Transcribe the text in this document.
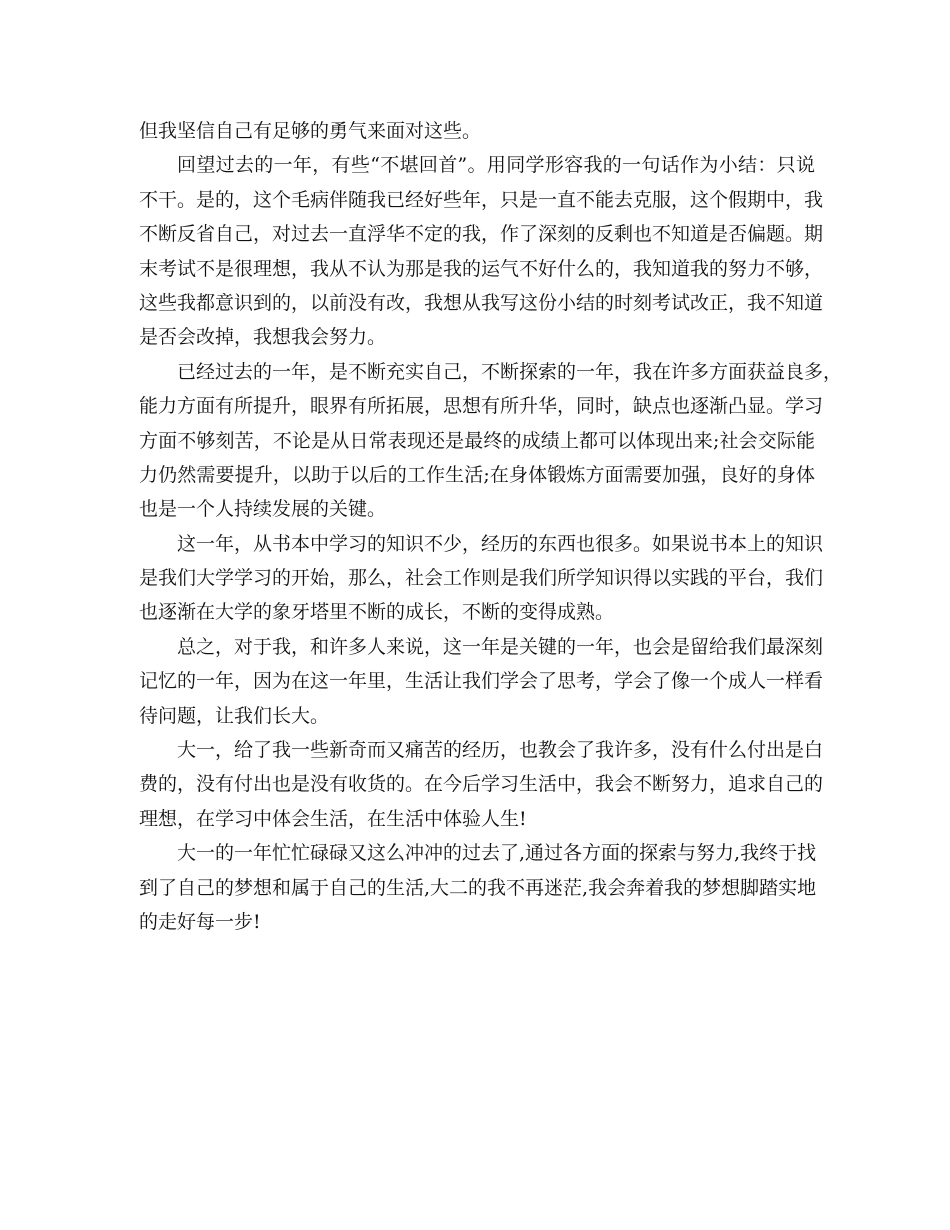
但我坚信自己有足够的勇气来面对这些。
回望过去的一年，有些“不堪回首”。用同学形容我的一句话作为小结：只说
不干。是的，这个毛病伴随我已经好些年，只是一直不能去克服，这个假期中，我
不断反省自己，对过去一直浮华不定的我，作了深刻的反剩也不知道是否偏题。期
末考试不是很理想，我从不认为那是我的运气不好什么的，我知道我的努力不够，
这些我都意识到的，以前没有改，我想从我写这份小结的时刻考试改正，我不知道
是否会改掉，我想我会努力。
已经过去的一年，是不断充实自己，不断探索的一年，我在许多方面获益良多，
能力方面有所提升，眼界有所拓展，思想有所升华，同时，缺点也逐渐凸显。学习
方面不够刻苦，不论是从日常表现还是最终的成绩上都可以体现出来;社会交际能
力仍然需要提升，以助于以后的工作生活;在身体锻炼方面需要加强，良好的身体
也是一个人持续发展的关键。
这一年，从书本中学习的知识不少，经历的东西也很多。如果说书本上的知识
是我们大学学习的开始，那么，社会工作则是我们所学知识得以实践的平台，我们
也逐渐在大学的象牙塔里不断的成长，不断的变得成熟。
总之，对于我，和许多人来说，这一年是关键的一年，也会是留给我们最深刻
记忆的一年，因为在这一年里，生活让我们学会了思考，学会了像一个成人一样看
待问题，让我们长大。
大一，给了我一些新奇而又痛苦的经历，也教会了我许多，没有什么付出是白
费的，没有付出也是没有收货的。在今后学习生活中，我会不断努力，追求自己的
理想，在学习中体会生活，在生活中体验人生!
大一的一年忙忙碌碌又这么冲冲的过去了,通过各方面的探索与努力,我终于找
到了自己的梦想和属于自己的生活,大二的我不再迷茫,我会奔着我的梦想脚踏实地
的走好每一步!
